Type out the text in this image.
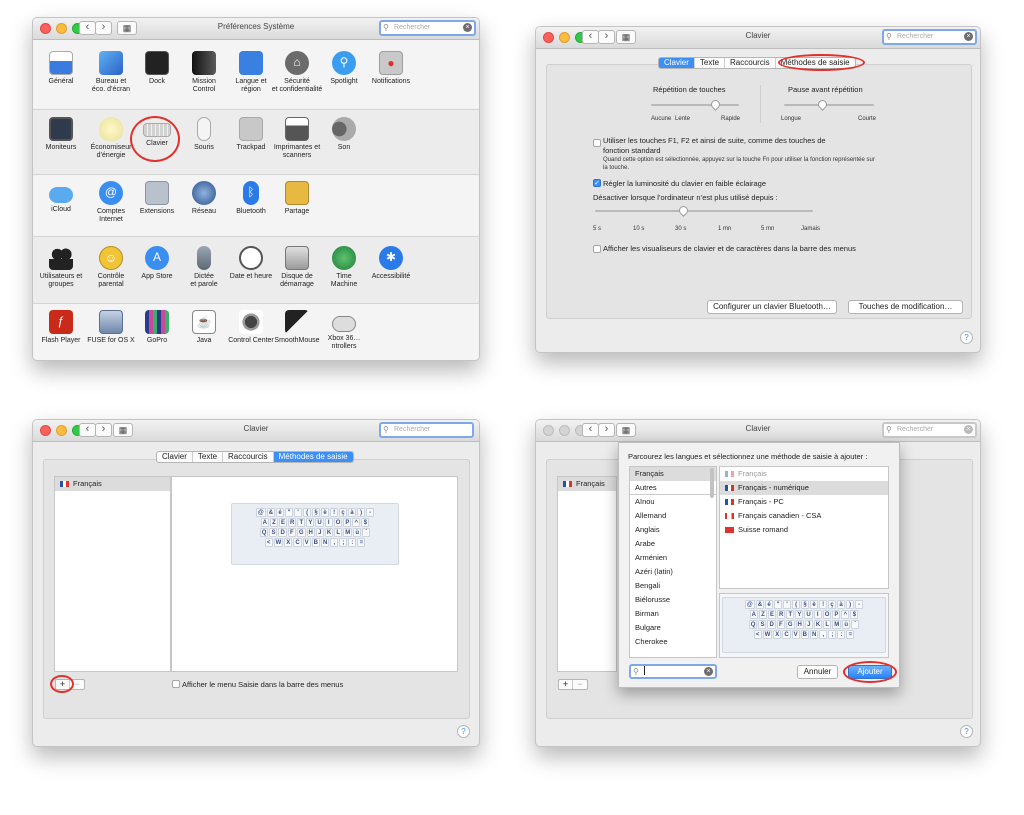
‹	›	▦	Préférences Système	⚲ Rechercher	×
Général	Bureau et
éco. d’écran
Dock	Mission
Control
Langue et
région
⌂
Sécurité
et confidentialité
⚲
Spotlight
●
Notifications
Moniteurs	Économiseur
d’énergie
Clavier
Souris	Trackpad	Imprimantes et
scanners
Son
iCloud
@
Comptes
Internet
Extensions	Réseau
ᛒ
Bluetooth	Partage
Utilisateurs et
groupes
☺
Contrôle
parental
A
App Store	Dictée
et parole
Date et heure	Disque de
démarrage
Time
Machine
✱
Accessibilité
ƒ
Flash Player FUSE for OS X	GoPro
☕
Java	Control Center SmoothMouse	Xbox 36…ntrollers
‹	›	▦	Clavier	⚲ Rechercher	×
Clavier	Texte	Raccourcis	Méthodes de saisie
Répétition de touches
Aucune Lente	Rapide
Pause avant répétition
Longue	Courte
Utiliser les touches F1, F2 et ainsi de suite, comme des touches de
fonction standard
Quand cette option est sélectionnée, appuyez sur la touche Fn pour utiliser la fonction représentée sur
la touche.
✓ Régler la luminosité du clavier en faible éclairage
Désactiver lorsque l’ordinateur n’est plus utilisé depuis :
5 s	10 s	30 s	1 mn	5 mn	Jamais
Afficher les visualiseurs de clavier et de caractères dans la barre des menus
Configurer un clavier Bluetooth…	Touches de modification…
?
‹	›	▦	Clavier	⚲ Rechercher
Clavier	Texte	Raccourcis	Méthodes de saisie
Français
@ & é "	'	(	§ è	!	ç à	)	-
A Z E R T Y U	I	O P ^ $
Q S D F G H J K L M ù	`
< W X C V B N	,	;	:	=
+	−	Afficher le menu Saisie dans la barre des menus
?
‹	›	▦	Clavier	⚲ Rechercher	×
Français
+	−
Parcourez les langues et sélectionnez une méthode de saisie à ajouter :
Français
Autres
Aïnou
Allemand
Anglais
Arabe
Arménien
Azéri (latin)
Bengali
Biélorusse
Birman
Bulgare
Cherokee
Français
Français - numérique
Français - PC
Français canadien - CSA
Suisse romand
@ & é "	'	(	§ è	!	ç à	)	-
A Z E R T Y U	I	O P ^ $
Q S D F G H J K L M ù	`
< W X C V B N	,	;	:	=
⚲	×	Annuler	Ajouter
?
